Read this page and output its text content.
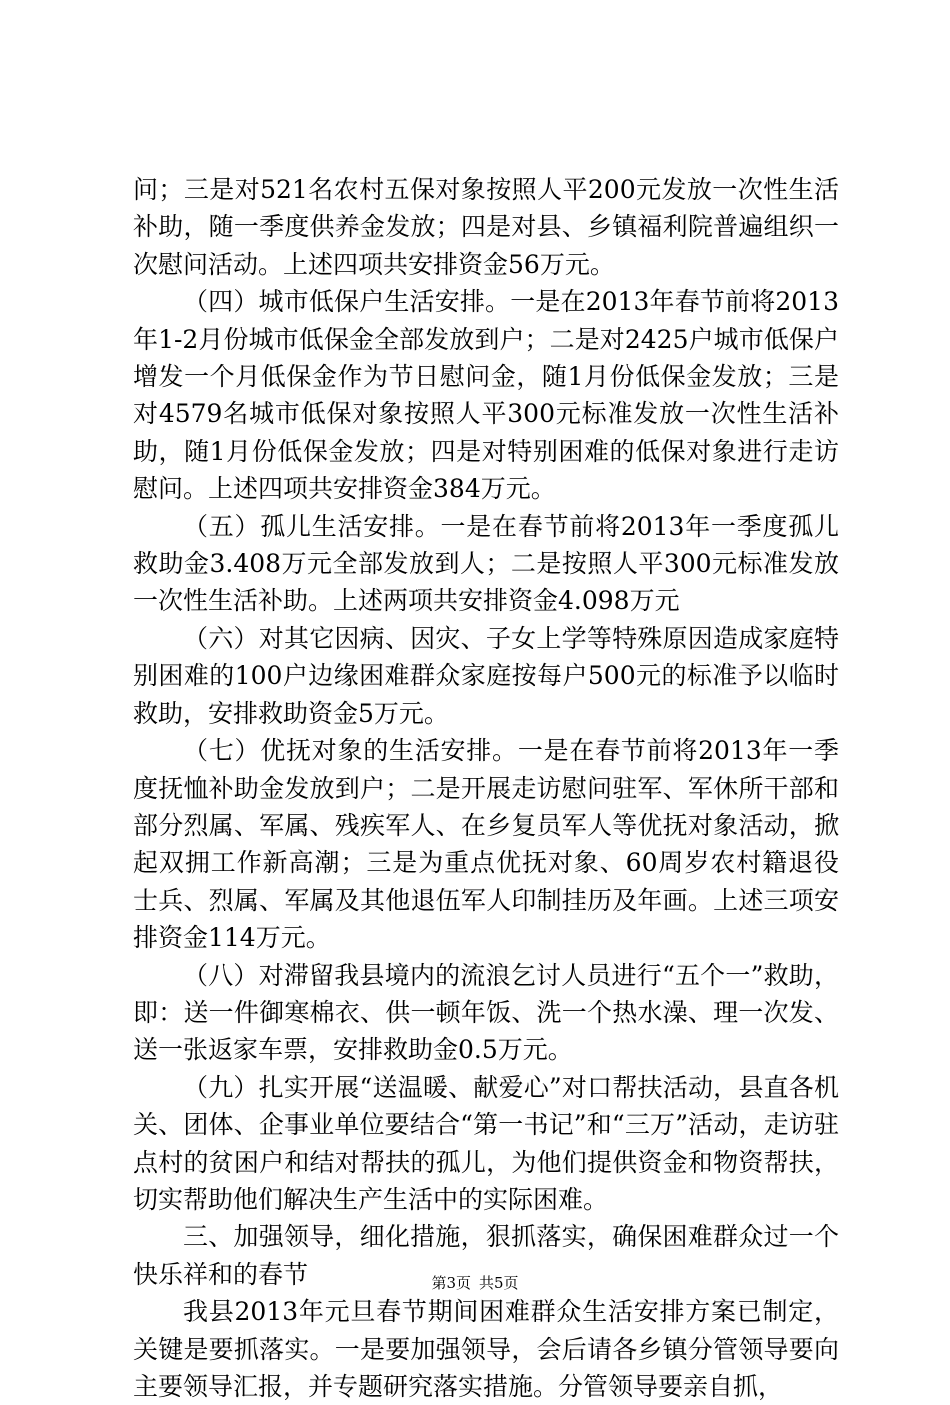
问；三是对521名农村五保对象按照人平200元发放一次性生活补助，随一季度供养金发放；四是对县、乡镇福利院普遍组织一次慰问活动。上述四项共安排资金56万元。

（四）城市低保户生活安排。一是在2013年春节前将2013年1-2月份城市低保金全部发放到户；二是对2425户城市低保户增发一个月低保金作为节日慰问金，随1月份低保金发放；三是对4579名城市低保对象按照人平300元标准发放一次性生活补助，随1月份低保金发放；四是对特别困难的低保对象进行走访慰问。上述四项共安排资金384万元。

（五）孤儿生活安排。一是在春节前将2013年一季度孤儿救助金3.408万元全部发放到人；二是按照人平300元标准发放一次性生活补助。上述两项共安排资金4.098万元

（六）对其它因病、因灾、子女上学等特殊原因造成家庭特别困难的100户边缘困难群众家庭按每户500元的标准予以临时救助，安排救助资金5万元。

（七）优抚对象的生活安排。一是在春节前将2013年一季度抚恤补助金发放到户；二是开展走访慰问驻军、军休所干部和部分烈属、军属、残疾军人、在乡复员军人等优抚对象活动，掀起双拥工作新高潮；三是为重点优抚对象、60周岁农村籍退役士兵、烈属、军属及其他退伍军人印制挂历及年画。上述三项安排资金114万元。

（八）对滞留我县境内的流浪乞讨人员进行“五个一”救助，即：送一件御寒棉衣、供一顿年饭、洗一个热水澡、理一次发、送一张返家车票，安排救助金0.5万元。

（九）扎实开展“送温暖、献爱心”对口帮扶活动，县直各机关、团体、企事业单位要结合“第一书记”和“三万”活动，走访驻点村的贫困户和结对帮扶的孤儿，为他们提供资金和物资帮扶，切实帮助他们解决生产生活中的实际困难。

三、加强领导，细化措施，狠抓落实，确保困难群众过一个快乐祥和的春节

我县2013年元旦春节期间困难群众生活安排方案已制定，关键是要抓落实。一是要加强领导，会后请各乡镇分管领导要向主要领导汇报，并专题研究落实措施。分管领导要亲自抓，

第3页 共5页
